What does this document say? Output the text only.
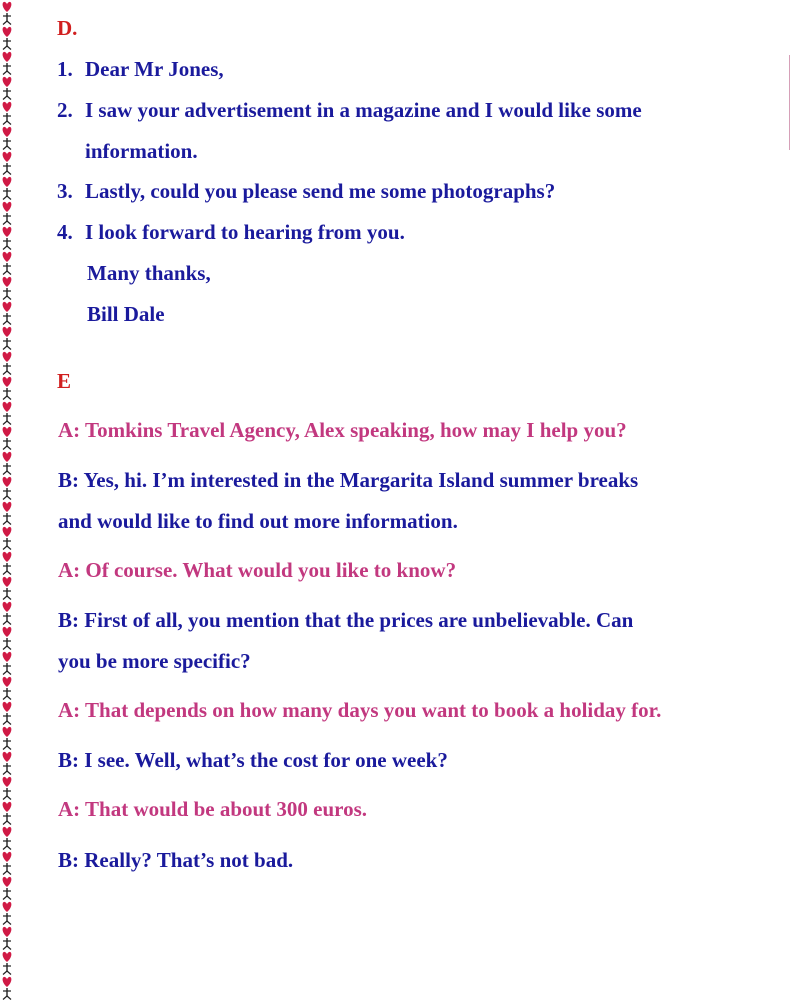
D.
1. Dear Mr Jones,
2. I saw your advertisement in a magazine and I would like some
information.
3. Lastly, could you please send me some photographs?
4. I look forward to hearing from you.
Many thanks,
Bill Dale
E
A: Tomkins Travel Agency, Alex speaking, how may I help you?
B: Yes, hi. I’m interested in the Margarita Island summer breaks
and would like to find out more information.
A: Of course. What would you like to know?
B: First of all, you mention that the prices are unbelievable. Can
you be more specific?
A: That depends on how many days you want to book a holiday for.
B: I see. Well, what’s the cost for one week?
A: That would be about 300 euros.
B: Really? That’s not bad.
